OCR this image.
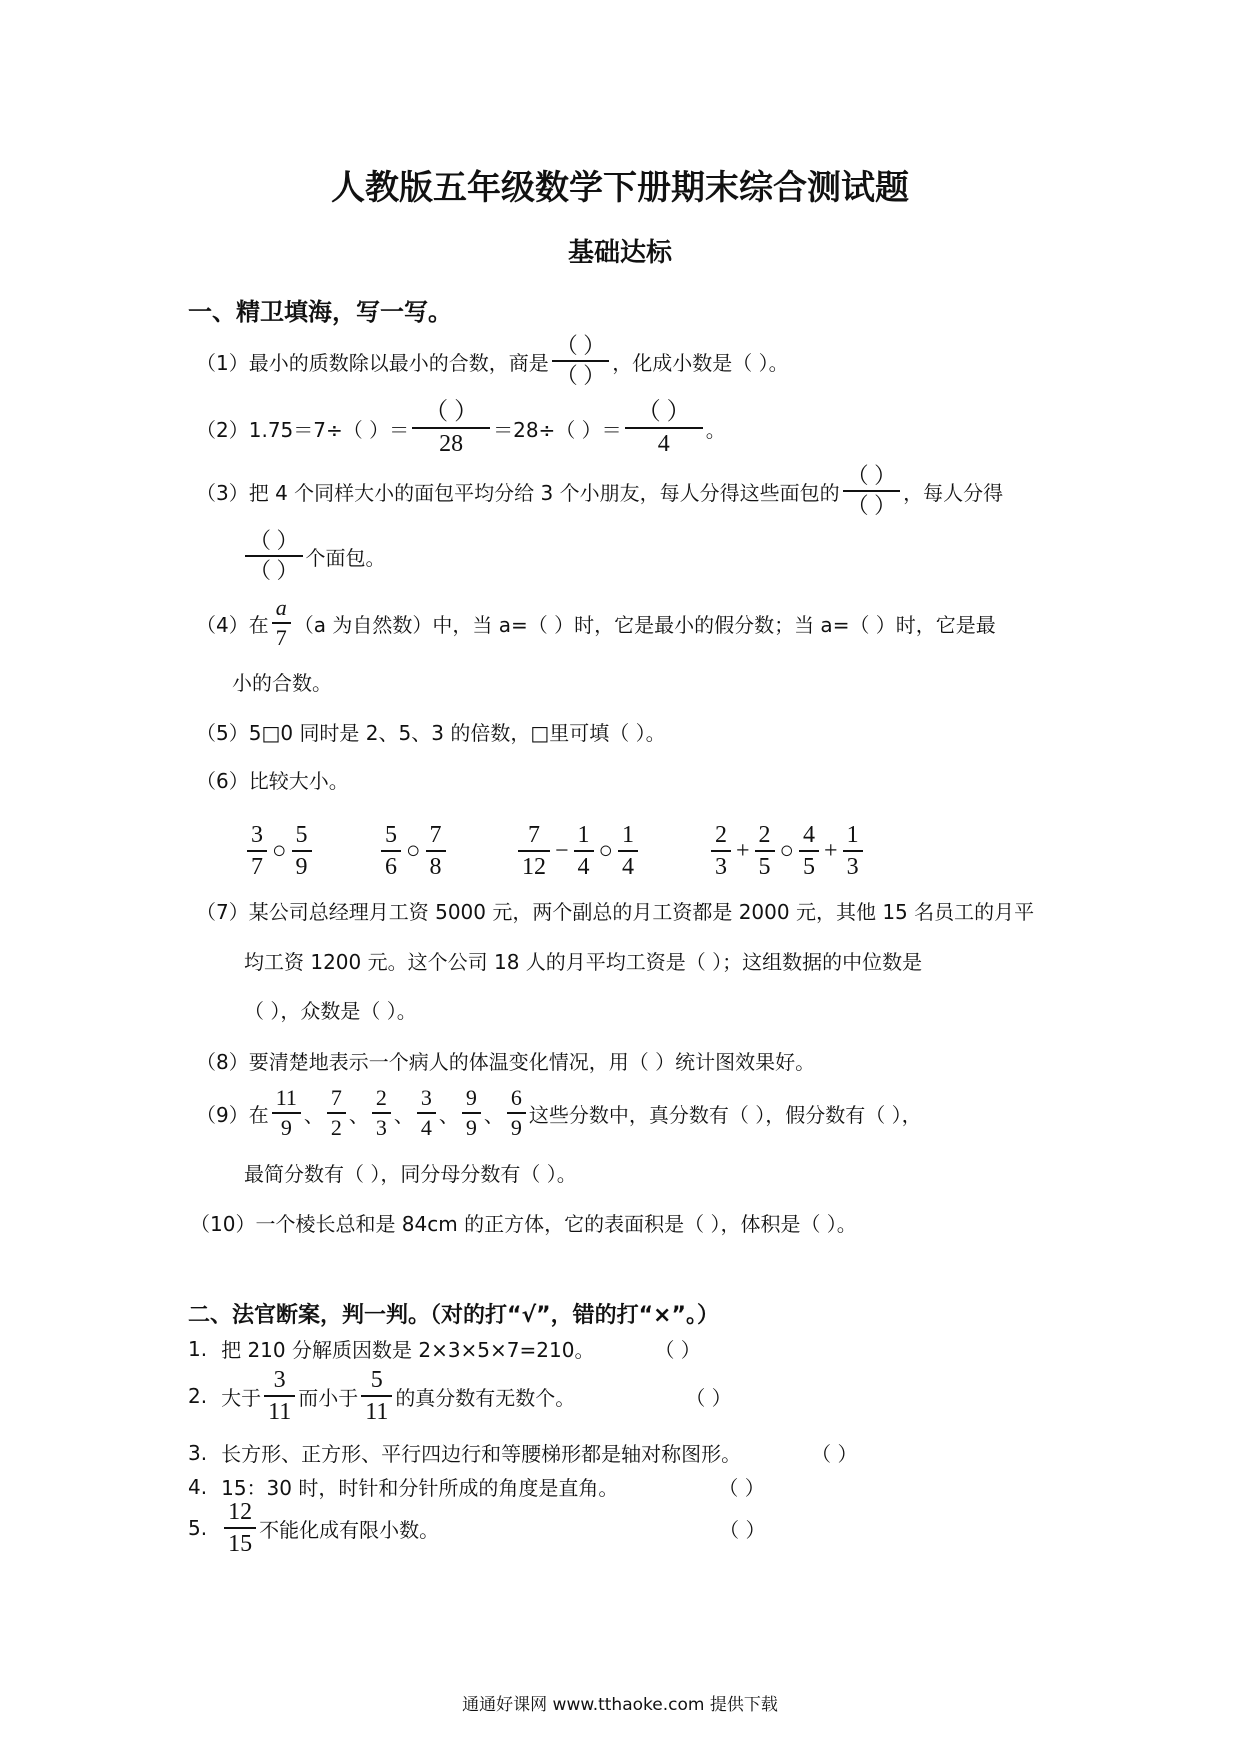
人教版五年级数学下册期末综合测试题
基础达标
一、精卫填海，写一写。
（1） 最小的质数除以最小的合数，商是 $\frac{( )}{( )}$ ，化成小数是（ ）。
（2） 1.75＝7÷（ ）＝ $\frac{( )}{28} =28\div$（ ）＝ $\frac{( )}{4}$ 。
（3） 把 4 个同样大小的面包平均分给 3 个小朋友，每人分得这些面包的 $\frac{( )}{( )}$ ，每人分得
$\frac{( )}{( )}$ 个面包。
（4） 在 $\frac{a}{7} (a$ 为自然数）中，当 a=（ ）时，它是最小的假分数；当 a=（ ）时，它是最
小的合数。
（5） 5□0 同时是 2、5、3 的倍数，□里可填（ ）。
（6） 比较大小。
$\frac{3}{7}$ ○ $\frac{5}{9}$	$\frac{5}{6}$ ○ $\frac{7}{8}$	$\frac{7}{12} - \frac{1}{4}$ ○ $\frac{1}{4}$	$\frac{2}{3} + \frac{2}{5}$ ○ $\frac{4}{5} + \frac{1}{3}$
（7） 某公司总经理月工资 5000 元，两个副总的月工资都是 2000 元，其他 15 名员工的月平
均工资 1200 元。这个公司 18 人的月平均工资是（ ）；这组数据的中位数是
（ ），众数是（ ）。
（8） 要清楚地表示一个病人的体温变化情况，用（ ）统计图效果好。
（9） 在 $\frac{11}{9}$ 、 $\frac{7}{2}$ 、 $\frac{2}{3}$ 、 $\frac{3}{4}$ 、 $\frac{9}{9}$ 、 $\frac{6}{9}$ 这些分数中，真分数有（ ），假分数有（ ），
最简分数有（ ），同分母分数有（ ）。
（10） 一个棱长总和是 84cm 的正方体，它的表面积是（ ），体积是（ ）。
二、法官断案，判一判。（对的打“√”，错的打“×”。）
1. 把 210 分解质因数是 2×3×5×7=210。	（ ）
2. 大于 $\frac{3}{11}$ 而小于 $\frac{5}{11}$ 的真分数有无数个。	（ ）
3. 长方形、正方形、平行四边行和等腰梯形都是轴对称图形。	（ ）
4. 15：30 时，时针和分针所成的角度是直角。	（ ）
5. $\frac{12}{15}$ 不能化成有限小数。	（ ）
通通好课网 www.tthaoke.com 提供下载
